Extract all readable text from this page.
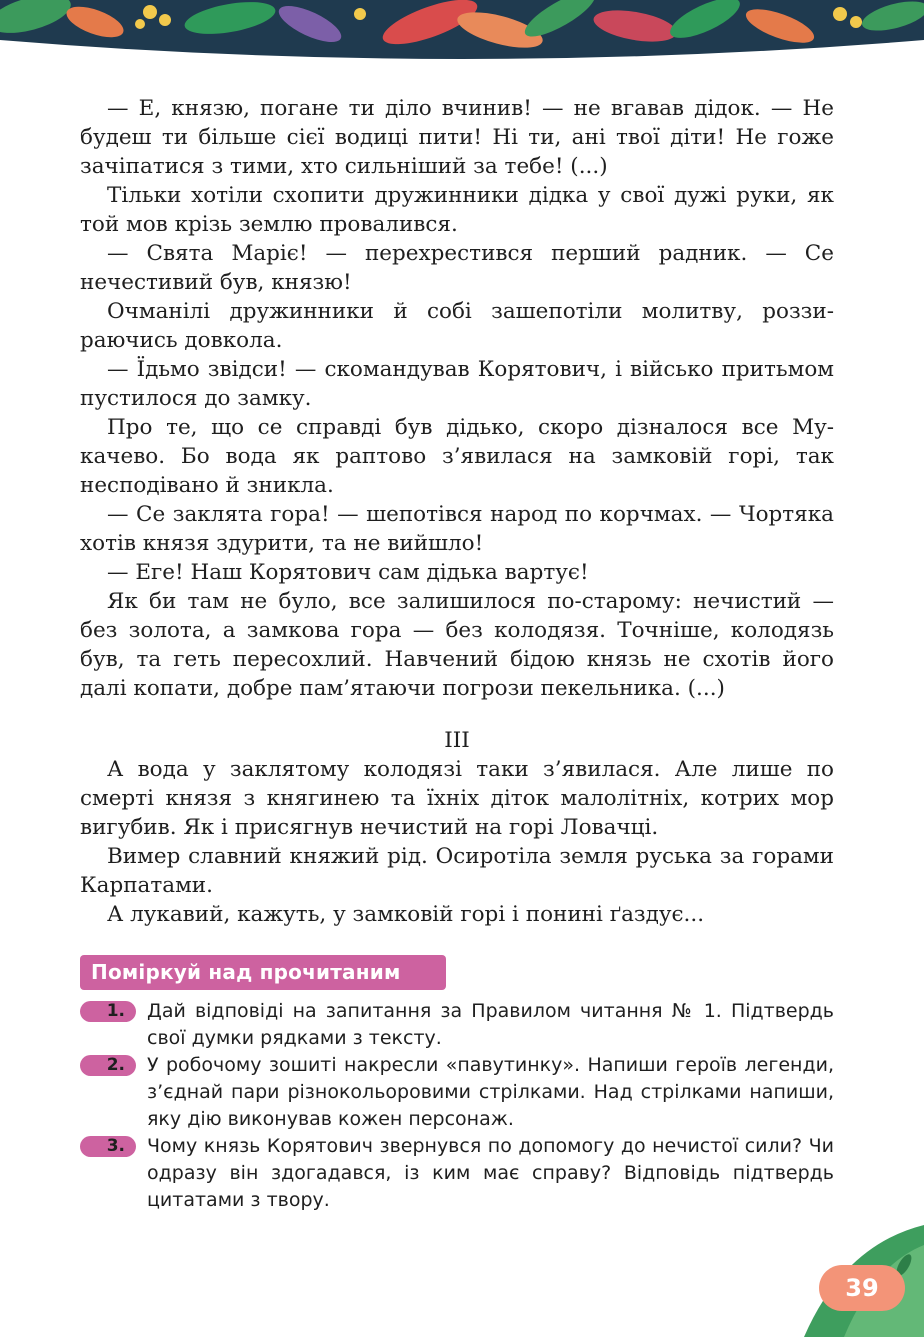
— Е, князю, погане ти діло вчинив! — не вгавав дідок. — Не будеш ти більше сієї водиці пити! Ні ти, ані твої діти! Не гоже зачіпатися з тими, хто сильніший за тебе! (...)

Тільки хотіли схопити дружинники дідка у свої дужі руки, як той мов крізь землю провалився.

— Свята Маріє! — перехрестився перший радник. — Се нечестивий був, князю!

Очманілі дружинники й собі зашепотіли молитву, роззираючись довкола.

— Їдьмо звідси! — скомандував Корятович, і військо притьмом пустилося до замку.

Про те, що се справді був дідько, скоро дізналося все Мукачево. Бо вода як раптово з’явилася на замковій горі, так несподівано й зникла.

— Се заклята гора! — шепотівся народ по корчмах. — Чортяка хотів князя здурити, та не вийшло!

— Еге! Наш Корятович сам дідька вартує!

Як би там не було, все залишилося по-старому: нечистий — без золота, а замкова гора — без колодязя. Точніше, колодязь був, та геть пересохлий. Навчений бідою князь не схотів його далі копати, добре пам’ятаючи погрози пекельника. (...)

III

А вода у заклятому колодязі таки з’явилася. Але лише по смерті князя з княгинею та їхніх діток малолітніх, котрих мор вигубив. Як і присягнув нечистий на горі Ловачці.

Вимер славний княжий рід. Осиротіла земля руська за горами Карпатами.

А лукавий, кажуть, у замковій горі і понині ґаздує...

Поміркуй над прочитаним
1.	Дай відповіді на запитання за Правилом читання № 1. Підтвердь свої думки рядками з тексту.
2.	У робочому зошиті накресли «павутинку». Напиши героїв легенди, з’єднай пари різнокольоровими стрілками. Над стрілками напиши, яку дію виконував кожен персонаж.
3.	Чому князь Корятович звернувся по допомогу до нечистої сили? Чи одразу він здогадався, із ким має справу? Відповідь підтвердь цитатами з твору.
39
